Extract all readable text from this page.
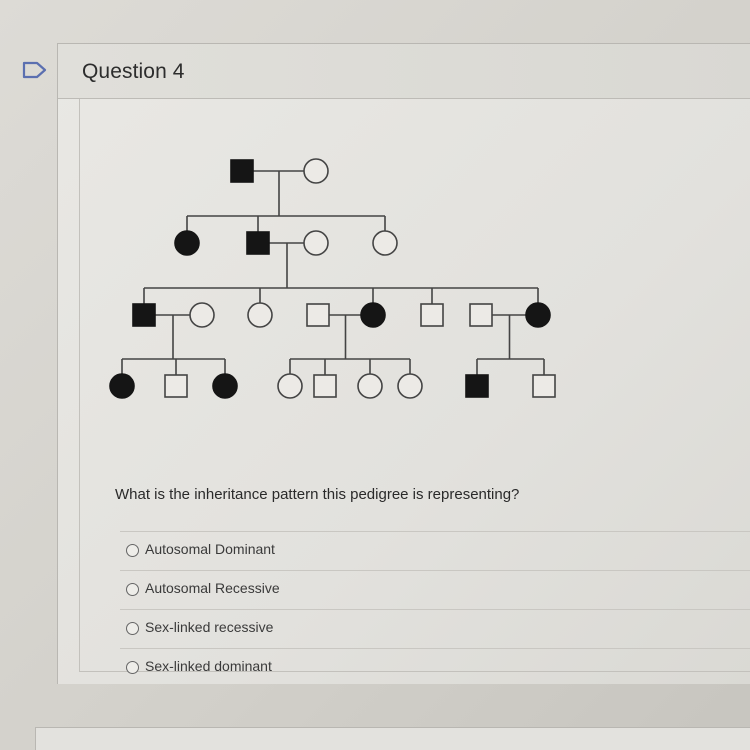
Question 4
What is the inheritance pattern this pedigree is representing?
Autosomal Dominant
Autosomal Recessive
Sex-linked recessive
Sex-linked dominant
